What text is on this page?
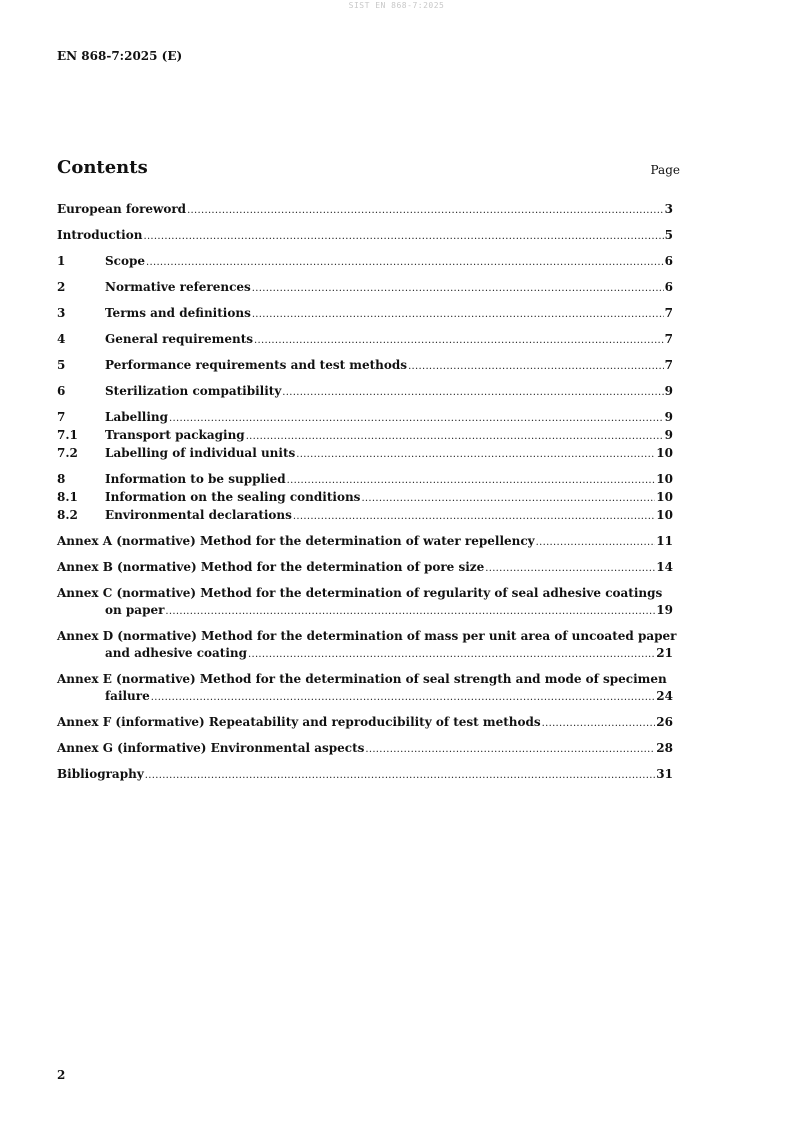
SIST EN 868-7:2025
EN 868-7:2025 (E)
Contents	Page
European foreword .....	3
Introduction .....	5
1	Scope .....	6
2	Normative references .....	6
3	Terms and definitions .....	7
4	General requirements .....	7
5	Performance requirements and test methods .....	7
6	Sterilization compatibility .....	9
7	Labelling .....	9
7.1	Transport packaging .....	9
7.2	Labelling of individual units .....	10
8	Information to be supplied .....	10
8.1	Information on the sealing conditions .....	10
8.2	Environmental declarations .....	10
Annex A (normative) Method for the determination of water repellency .....	11
Annex B (normative) Method for the determination of pore size .....	14
Annex C (normative) Method for the determination of regularity of seal adhesive coatings
on paper .....	19
Annex D (normative) Method for the determination of mass per unit area of uncoated paper
and adhesive coating .....	21
Annex E (normative) Method for the determination of seal strength and mode of specimen
failure .....	24
Annex F (informative) Repeatability and reproducibility of test methods .....	26
Annex G (informative) Environmental aspects .....	28
Bibliography .....	31
2
